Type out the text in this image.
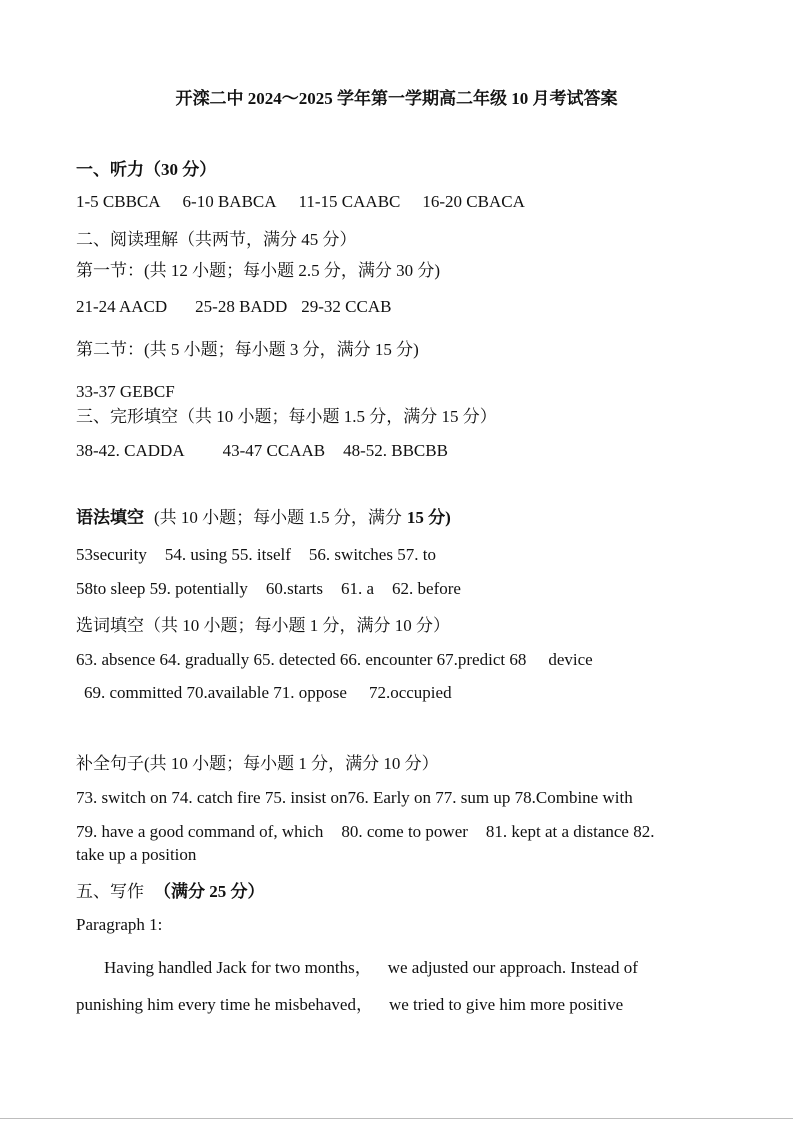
开滦二中 2024～2025 学年第一学期高二年级 10 月考试答案
一、听力（30 分）
1-5 CBBCA 6-10 BABCA 11-15 CAABC 16-20 CBACA
二、阅读理解（共两节，满分 45 分）
第一节：(共 12 小题；每小题 2.5 分，满分 30 分)
21-24 AACD 25-28 BADD 29-32 CCAB
第二节：(共 5 小题；每小题 3 分，满分 15 分)
33-37 GEBCF
三、完形填空（共 10 小题；每小题 1.5 分，满分 15 分）
38-42. CADDA 43-47 CCAAB 48-52. BBCBB
语法填空 (共 10 小题；每小题 1.5 分，满分 15 分)
53security 54. using 55. itself 56. switches 57. to
58to sleep 59. potentially 60.starts 61. a 62. before
选词填空（共 10 小题；每小题 1 分，满分 10 分）
63. absence 64. gradually 65. detected 66. encounter 67.predict 68 device
69. committed 70.available 71. oppose 72.occupied
补全句子(共 10 小题；每小题 1 分，满分 10 分）
73. switch on 74. catch fire 75. insist on76. Early on 77. sum up 78.Combine with
79. have a good command of, which 80. come to power 81. kept at a distance 82.
take up a position
五、写作 （满分 25 分）
Paragraph 1:
Having handled Jack for two months， we adjusted our approach. Instead of
punishing him every time he misbehaved， we tried to give him more positive
